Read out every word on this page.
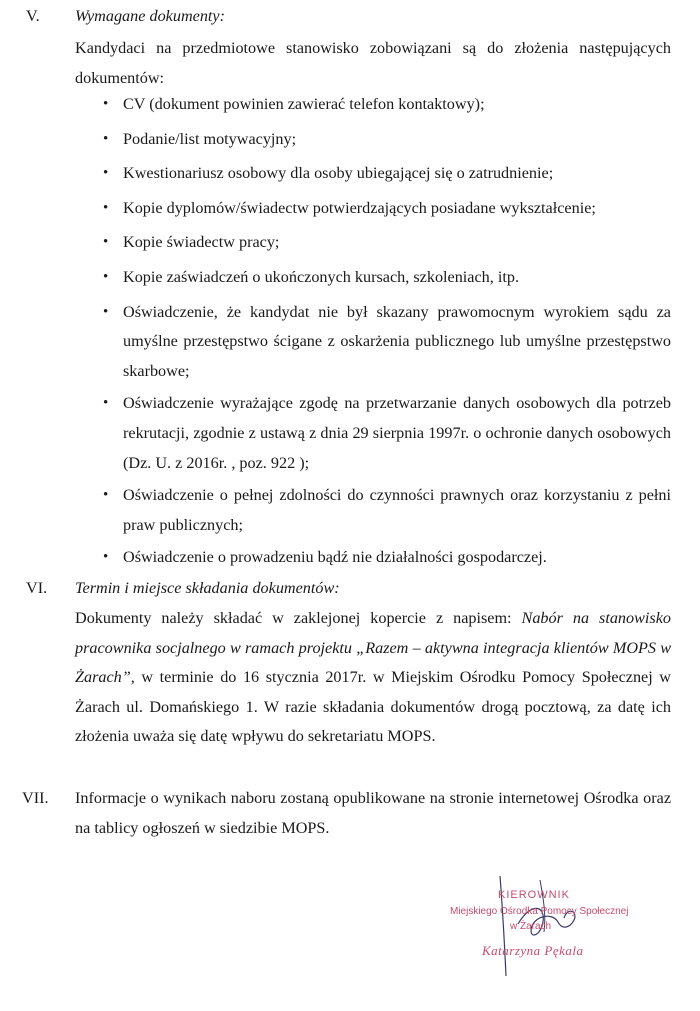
V. Wymagane dokumenty:
Kandydaci na przedmiotowe stanowisko zobowiązani są do złożenia następujących dokumentów:
• CV (dokument powinien zawierać telefon kontaktowy);
• Podanie/list motywacyjny;
• Kwestionariusz osobowy dla osoby ubiegającej się o zatrudnienie;
• Kopie dyplomów/świadectw potwierdzających posiadane wykształcenie;
• Kopie świadectw pracy;
• Kopie zaświadczeń o ukończonych kursach, szkoleniach, itp.
• Oświadczenie, że kandydat nie był skazany prawomocnym wyrokiem sądu za umyślne przestępstwo ścigane z oskarżenia publicznego lub umyślne przestępstwo skarbowe;
• Oświadczenie wyrażające zgodę na przetwarzanie danych osobowych dla potrzeb rekrutacji, zgodnie z ustawą z dnia 29 sierpnia 1997r. o ochronie danych osobowych (Dz. U. z 2016r. , poz. 922 );
• Oświadczenie o pełnej zdolności do czynności prawnych oraz korzystaniu z pełni praw publicznych;
• Oświadczenie o prowadzeniu bądź nie działalności gospodarczej.
VI. Termin i miejsce składania dokumentów:
Dokumenty należy składać w zaklejonej kopercie z napisem: Nabór na stanowisko pracownika socjalnego w ramach projektu „Razem – aktywna integracja klientów MOPS w Żarach”, w terminie do 16 stycznia 2017r. w Miejskim Ośrodku Pomocy Społecznej w Żarach ul. Domańskiego 1. W razie składania dokumentów drogą pocztową, za datę ich złożenia uważa się datę wpływu do sekretariatu MOPS.
VII. Informacje o wynikach naboru zostaną opublikowane na stronie internetowej Ośrodka oraz na tablicy ogłoszeń w siedzibie MOPS.
KIEROWNIK
Miejskiego Ośrodka Pomocy Społecznej
w Żarach
Katarzyna Pękala
